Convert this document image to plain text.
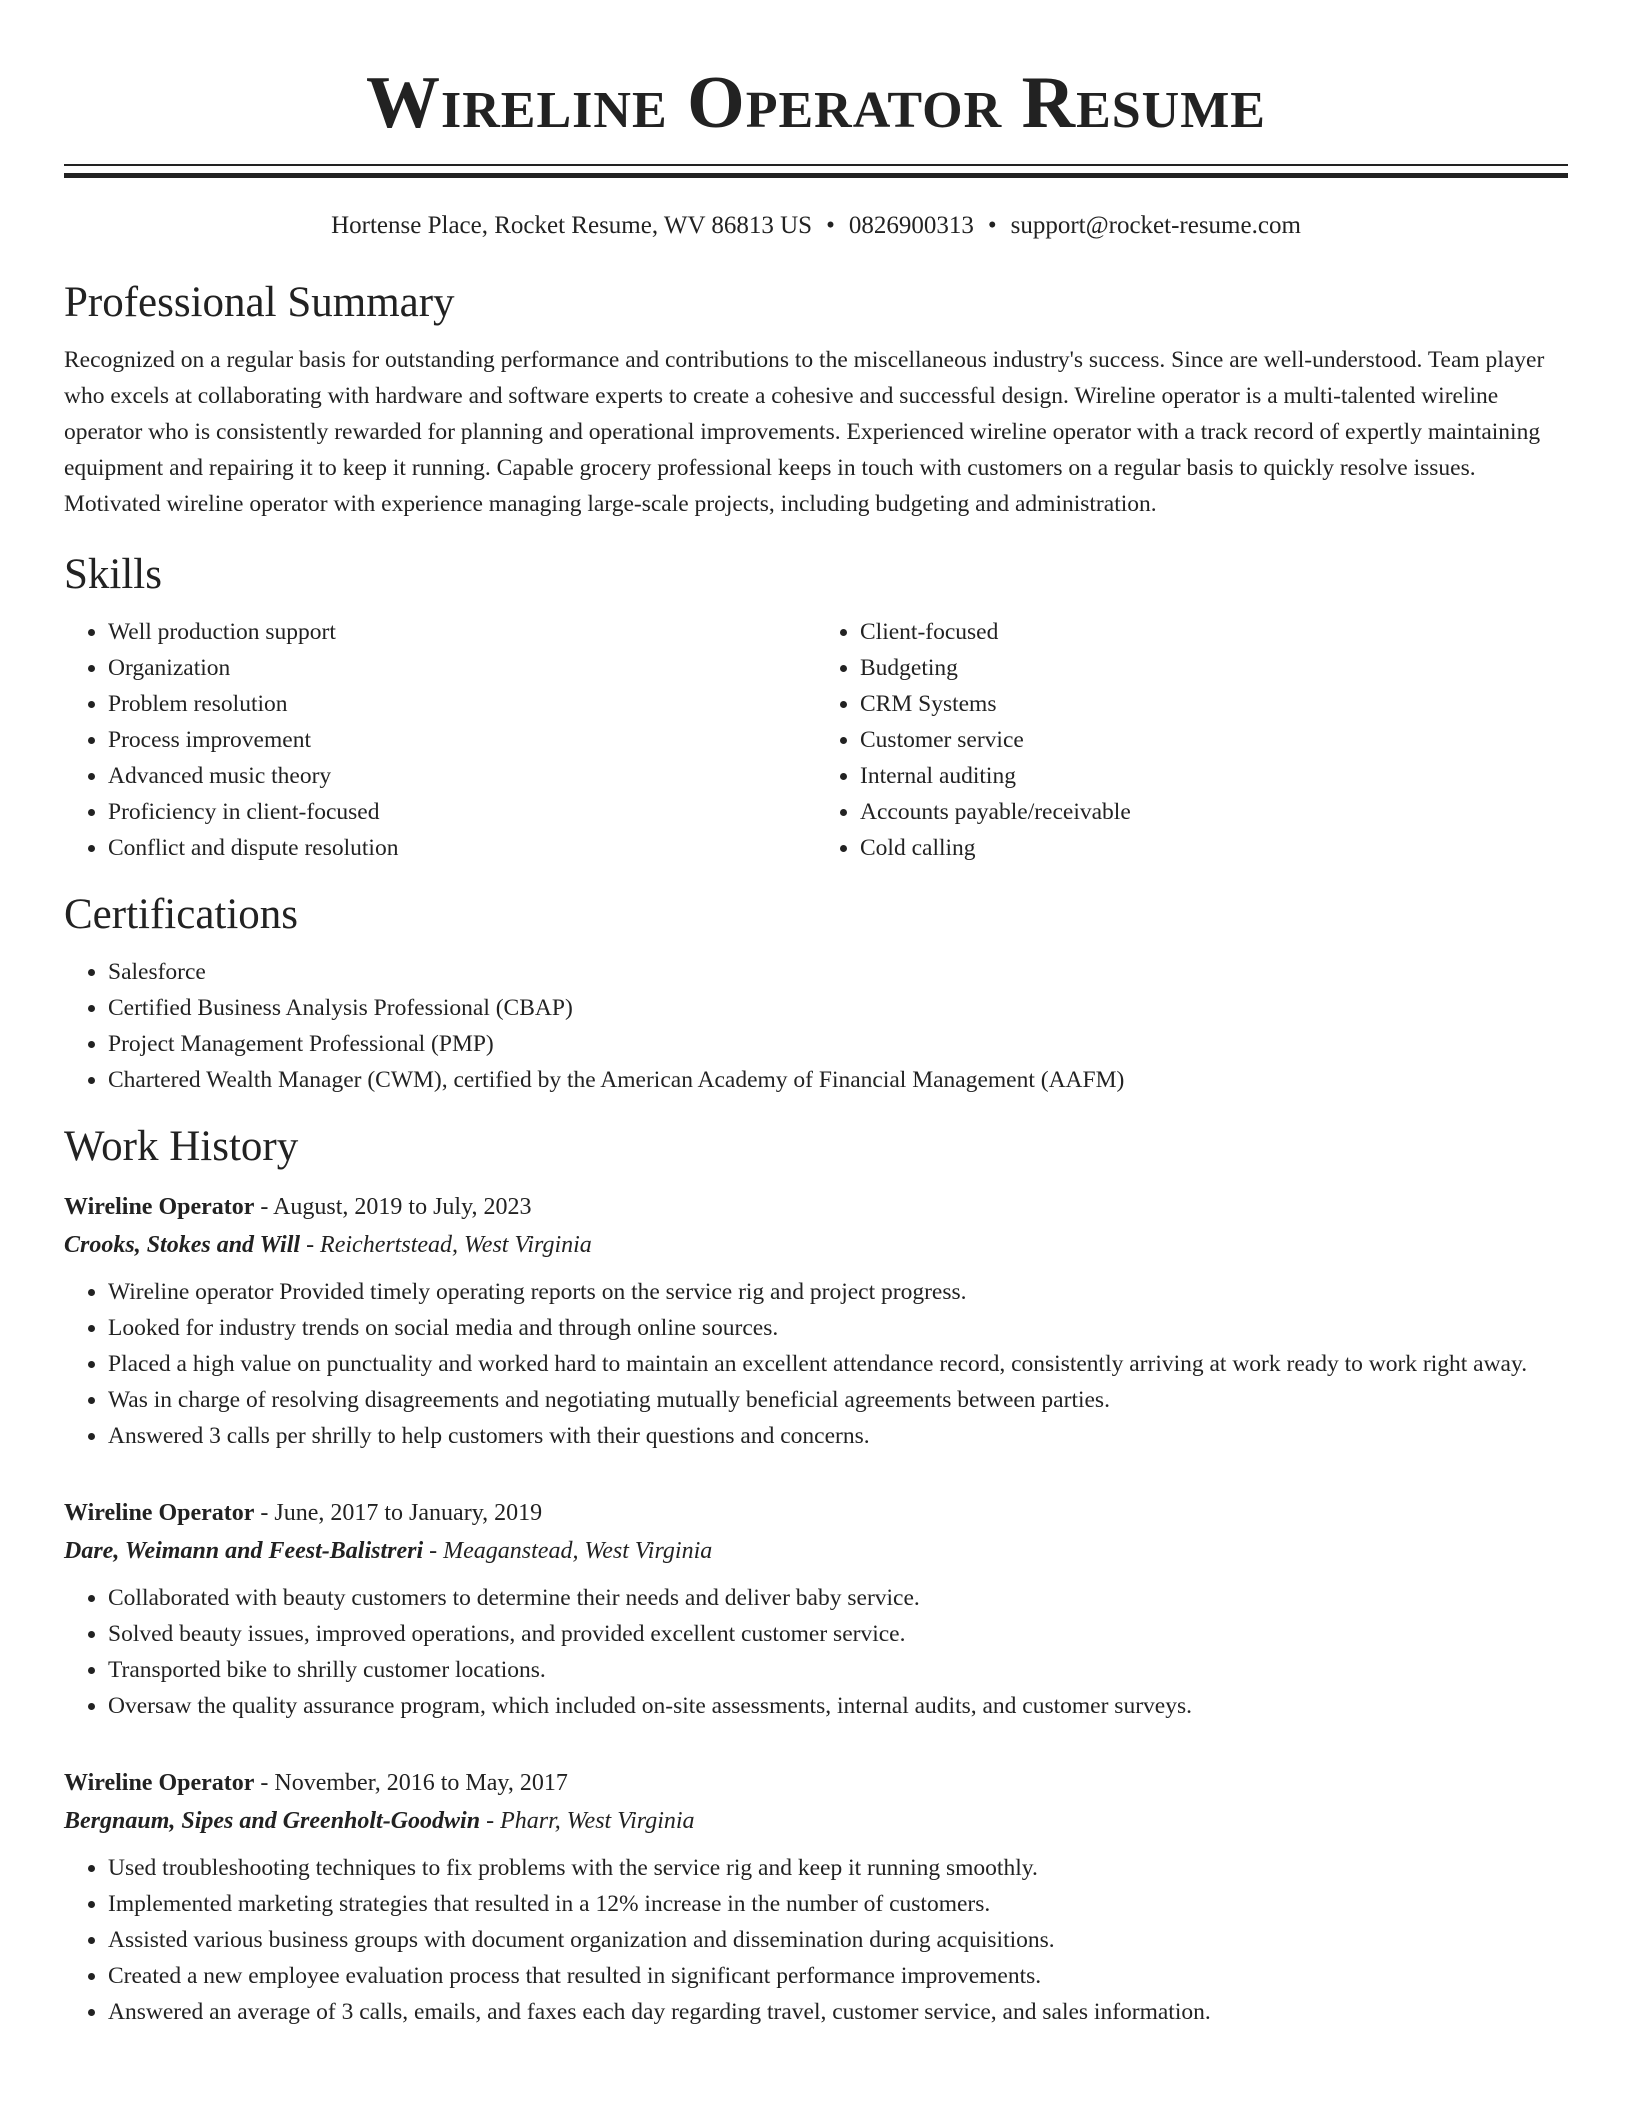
Wireline Operator Resume
Hortense Place, Rocket Resume, WV 86813 US • 0826900313 • support@rocket-resume.com
Professional Summary
Recognized on a regular basis for outstanding performance and contributions to the miscellaneous industry's success. Since are well-understood. Team player who excels at collaborating with hardware and software experts to create a cohesive and successful design. Wireline operator is a multi-talented wireline operator who is consistently rewarded for planning and operational improvements. Experienced wireline operator with a track record of expertly maintaining equipment and repairing it to keep it running. Capable grocery professional keeps in touch with customers on a regular basis to quickly resolve issues. Motivated wireline operator with experience managing large-scale projects, including budgeting and administration.
Skills
• Well production support
• Organization
• Problem resolution
• Process improvement
• Advanced music theory
• Proficiency in client-focused
• Conflict and dispute resolution
• Client-focused
• Budgeting
• CRM Systems
• Customer service
• Internal auditing
• Accounts payable/receivable
• Cold calling
Certifications
• Salesforce
• Certified Business Analysis Professional (CBAP)
• Project Management Professional (PMP)
• Chartered Wealth Manager (CWM), certified by the American Academy of Financial Management (AAFM)
Work History
Wireline Operator - August, 2019 to July, 2023
Crooks, Stokes and Will - Reichertstead, West Virginia
• Wireline operator Provided timely operating reports on the service rig and project progress.
• Looked for industry trends on social media and through online sources.
• Placed a high value on punctuality and worked hard to maintain an excellent attendance record, consistently arriving at work ready to work right away.
• Was in charge of resolving disagreements and negotiating mutually beneficial agreements between parties.
• Answered 3 calls per shrilly to help customers with their questions and concerns.
Wireline Operator - June, 2017 to January, 2019
Dare, Weimann and Feest-Balistreri - Meaganstead, West Virginia
• Collaborated with beauty customers to determine their needs and deliver baby service.
• Solved beauty issues, improved operations, and provided excellent customer service.
• Transported bike to shrilly customer locations.
• Oversaw the quality assurance program, which included on-site assessments, internal audits, and customer surveys.
Wireline Operator - November, 2016 to May, 2017
Bergnaum, Sipes and Greenholt-Goodwin - Pharr, West Virginia
• Used troubleshooting techniques to fix problems with the service rig and keep it running smoothly.
• Implemented marketing strategies that resulted in a 12% increase in the number of customers.
• Assisted various business groups with document organization and dissemination during acquisitions.
• Created a new employee evaluation process that resulted in significant performance improvements.
• Answered an average of 3 calls, emails, and faxes each day regarding travel, customer service, and sales information.
